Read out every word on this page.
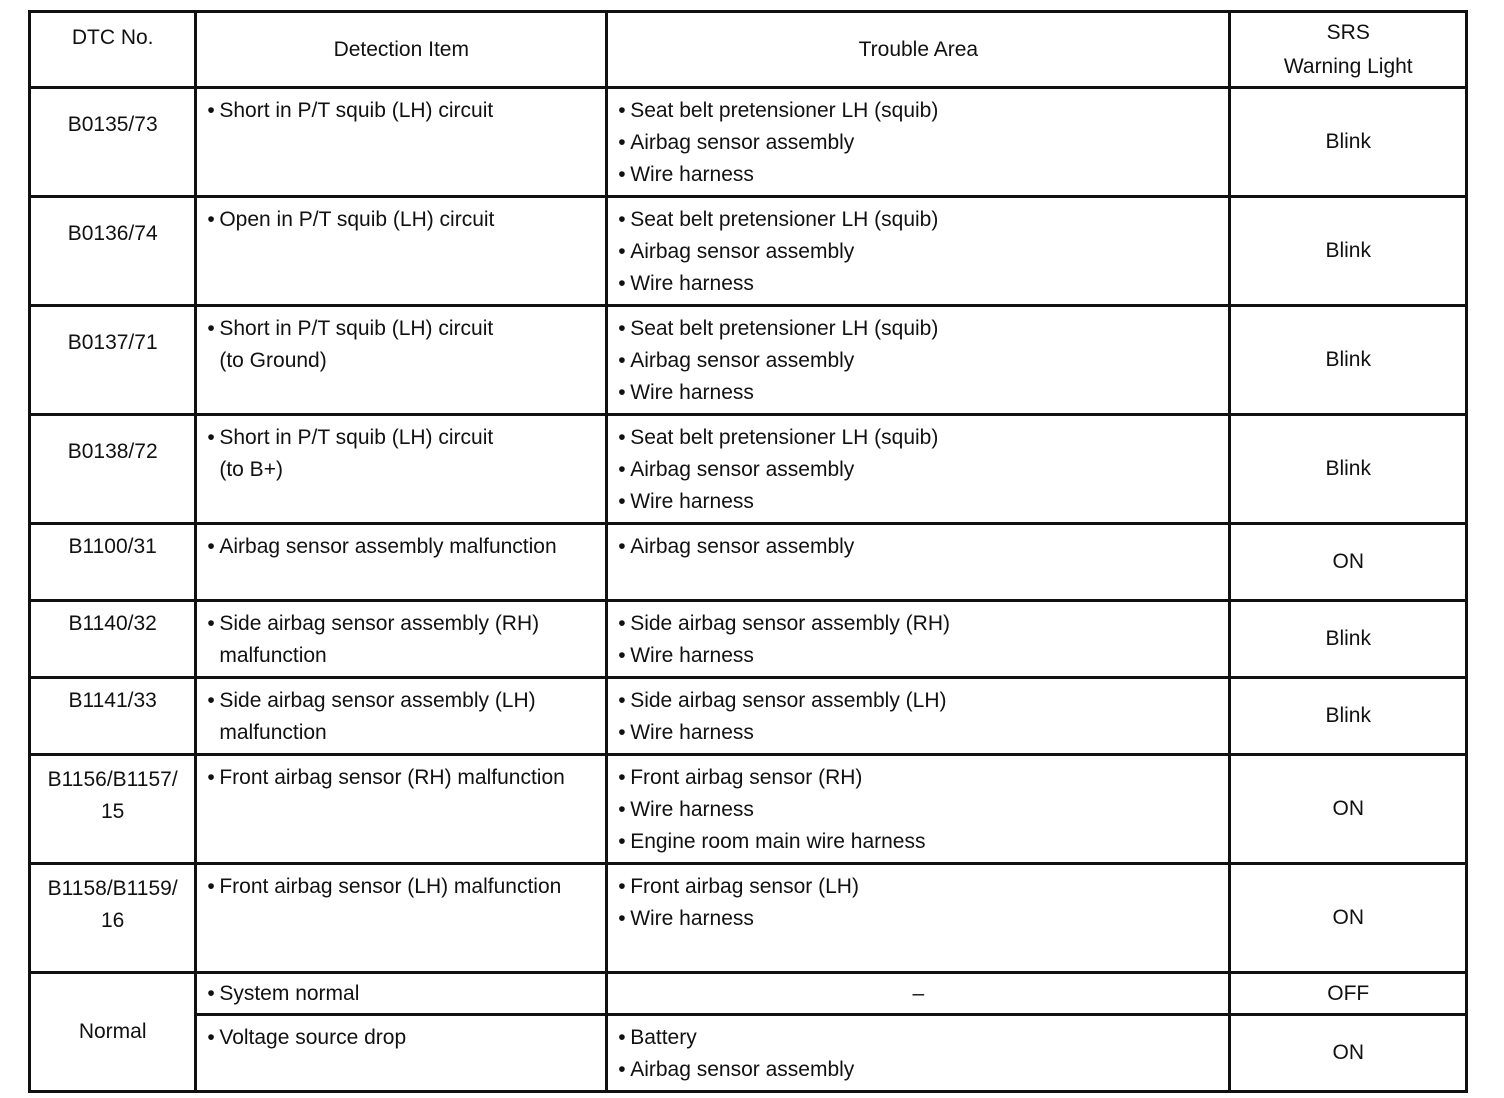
DTC No.	Detection Item	Trouble Area	SRS
Warning Light

B0135/73	• Short in P/T squib (LH) circuit	• Seat belt pretensioner LH (squib)
• Airbag sensor assembly
• Wire harness	Blink
B0136/74	• Open in P/T squib (LH) circuit	• Seat belt pretensioner LH (squib)
• Airbag sensor assembly
• Wire harness	Blink
B0137/71	• Short in P/T squib (LH) circuit
(to Ground)	• Seat belt pretensioner LH (squib)
• Airbag sensor assembly
• Wire harness	Blink
B0138/72	• Short in P/T squib (LH) circuit
(to B+)	• Seat belt pretensioner LH (squib)
• Airbag sensor assembly
• Wire harness	Blink
B1100/31	• Airbag sensor assembly malfunction	• Airbag sensor assembly	ON
B1140/32	• Side airbag sensor assembly (RH)
malfunction	• Side airbag sensor assembly (RH)
• Wire harness	Blink
B1141/33	• Side airbag sensor assembly (LH)
malfunction	• Side airbag sensor assembly (LH)
• Wire harness	Blink

B1156/B1157/
15	• Front airbag sensor (RH) malfunction	• Front airbag sensor (RH)
• Wire harness
• Engine room main wire harness	ON

B1158/B1159/
16	• Front airbag sensor (LH) malfunction	• Front airbag sensor (LH)
• Wire harness	ON
Normal	• System normal	–	OFF

	• Voltage source drop	• Battery
• Airbag sensor assembly	ON
